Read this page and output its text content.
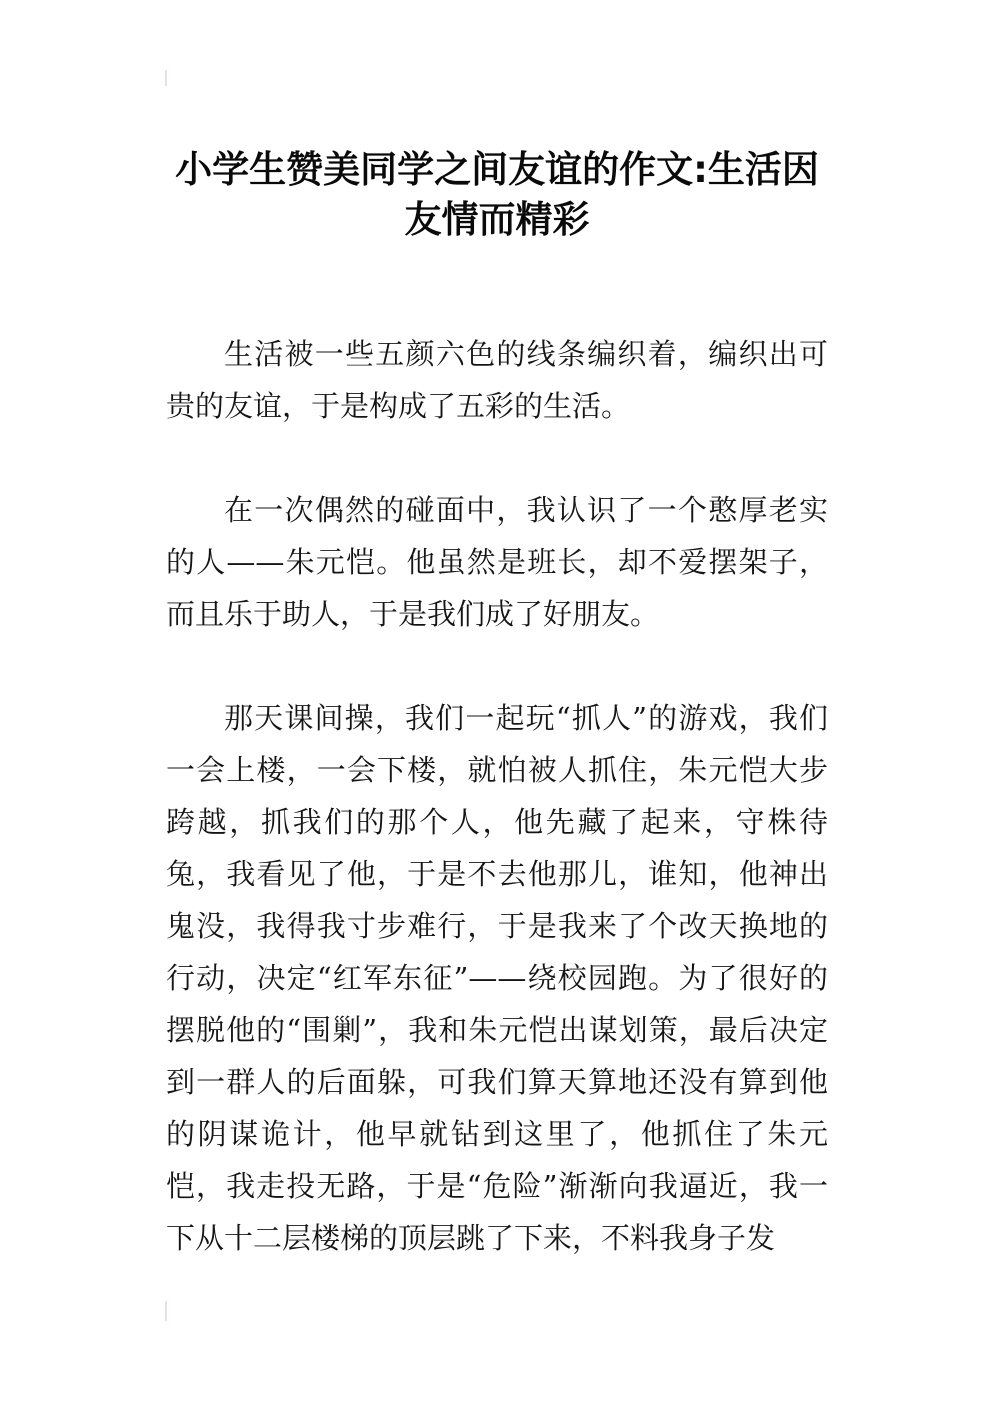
小学生赞美同学之间友谊的作文:生活因友情而精彩

生活被一些五颜六色的线条编织着，编织出可贵的友谊，于是构成了五彩的生活。

在一次偶然的碰面中，我认识了一个憨厚老实的人——朱元恺。他虽然是班长，却不爱摆架子，而且乐于助人，于是我们成了好朋友。

那天课间操，我们一起玩“抓人”的游戏，我们一会上楼，一会下楼，就怕被人抓住，朱元恺大步跨越，抓我们的那个人，他先藏了起来，守株待兔，我看见了他，于是不去他那儿，谁知，他神出鬼没，我得我寸步难行，于是我来了个改天换地的行动，决定“红军东征”——绕校园跑。为了很好的摆脱他的“围剿”，我和朱元恺出谋划策，最后决定到一群人的后面躲，可我们算天算地还没有算到他的阴谋诡计，他早就钻到这里了，他抓住了朱元恺，我走投无路，于是“危险”渐渐向我逼近，我一下从十二层楼梯的顶层跳了下来，不料我身子发
